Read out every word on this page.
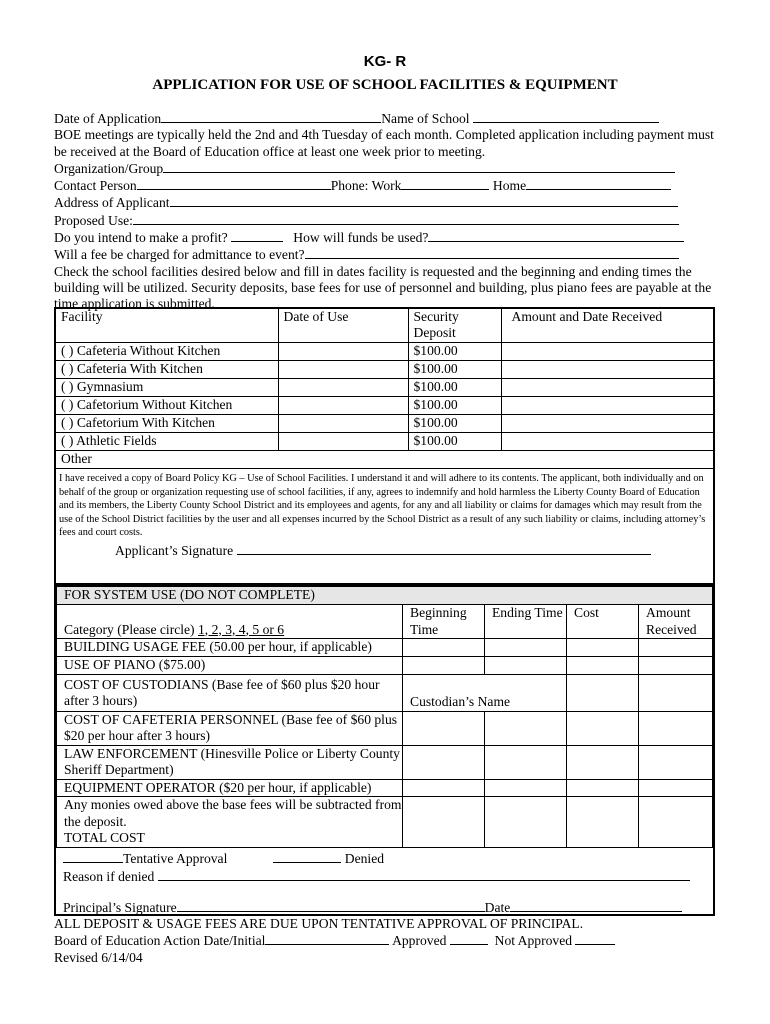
KG- R
APPLICATION FOR USE OF SCHOOL FACILITIES & EQUIPMENT
Date of Application	Name of School
BOE meetings are typically held the 2nd and 4th Tuesday of each month. Completed application including payment must be received at the Board of Education office at least one week prior to meeting.
Organization/Group
Contact Person	Phone: Work	Home
Address of Applicant
Proposed Use:
Do you intend to make a profit?	How will funds be used?
Will a fee be charged for admittance to event?
Check the school facilities desired below and fill in dates facility is requested and the beginning and ending times the building will be utilized. Security deposits, base fees for use of personnel and building, plus piano fees are payable at the time application is submitted.
Facility	Date of Use	Security Deposit	Amount and Date Received
( ) Cafeteria Without Kitchen		$100.00	
( ) Cafeteria With Kitchen		$100.00	
( ) Gymnasium		$100.00	
( ) Cafetorium Without Kitchen		$100.00	
( ) Cafetorium With Kitchen		$100.00	
( ) Athletic Fields		$100.00	
Other			

I have received a copy of Board Policy KG – Use of School Facilities. I understand it and will adhere to its contents. The applicant, both individually and on behalf of the group or organization requesting use of school facilities, if any, agrees to indemnify and hold harmless the Liberty County Board of Education and its members, the Liberty County School District and its employees and agents, for any and all liability or claims for damages which may result from the use of the School District facilities by the user and all expenses incurred by the School District as a result of any such liability or claims, including attorney’s fees and court costs.
Applicant’s Signature
FOR SYSTEM USE (DO NOT COMPLETE)				
Category (Please circle) 1, 2, 3, 4, 5 or 6	Beginning Time	Ending Time	Cost	Amount Received
BUILDING USAGE FEE (50.00 per hour, if applicable)				
USE OF PIANO ($75.00)				
COST OF CUSTODIANS (Base fee of $60 plus $20 hour after 3 hours)	Custodian’s Name			
COST OF CAFETERIA PERSONNEL (Base fee of $60 plus $20 per hour after 3 hours)				
LAW ENFORCEMENT (Hinesville Police or Liberty County Sheriff Department)				
EQUIPMENT OPERATOR ($20 per hour, if applicable)				

Any monies owed above the base fees will be subtracted from the deposit.
TOTAL COST				

Tentative Approval	Denied
Reason if denied
Principal’s Signature	Date
ALL DEPOSIT & USAGE FEES ARE DUE UPON TENTATIVE APPROVAL OF PRINCIPAL.
Board of Education Action Date/Initial	Approved	Not Approved
Revised 6/14/04
